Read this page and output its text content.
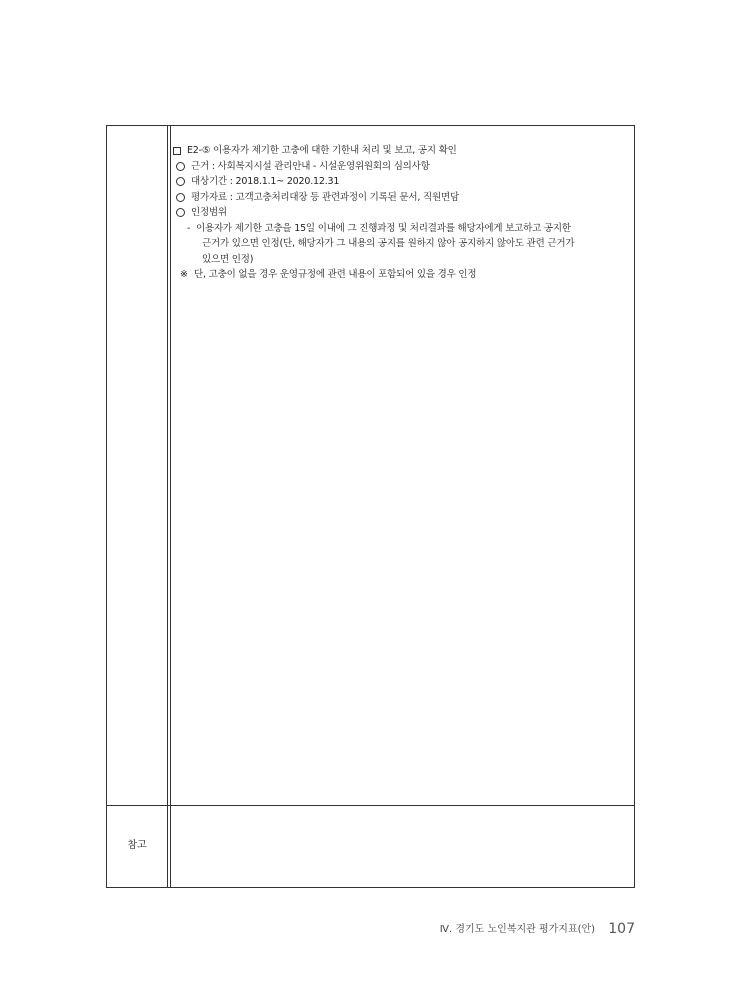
E2-⑤ 이용자가 제기한 고충에 대한 기한내 처리 및 보고, 공지 확인
근거 : 사회복지시설 관리안내 - 시설운영위원회의 심의사항
대상기간 : 2018.1.1~ 2020.12.31
평가자료 : 고객고충처리대장 등 관련과정이 기록된 문서, 직원면담
인정범위
- 이용자가 제기한 고충을 15일 이내에 그 진행과정 및 처리결과를 해당자에게 보고하고 공지한
근거가 있으면 인정(단, 해당자가 그 내용의 공지를 원하지 않아 공지하지 않아도 관련 근거가
있으면 인정)
※ 단, 고충이 없을 경우 운영규정에 관련 내용이 포함되어 있을 경우 인정
참고
Ⅳ. 경기도 노인복지관 평가지표(안) 107
